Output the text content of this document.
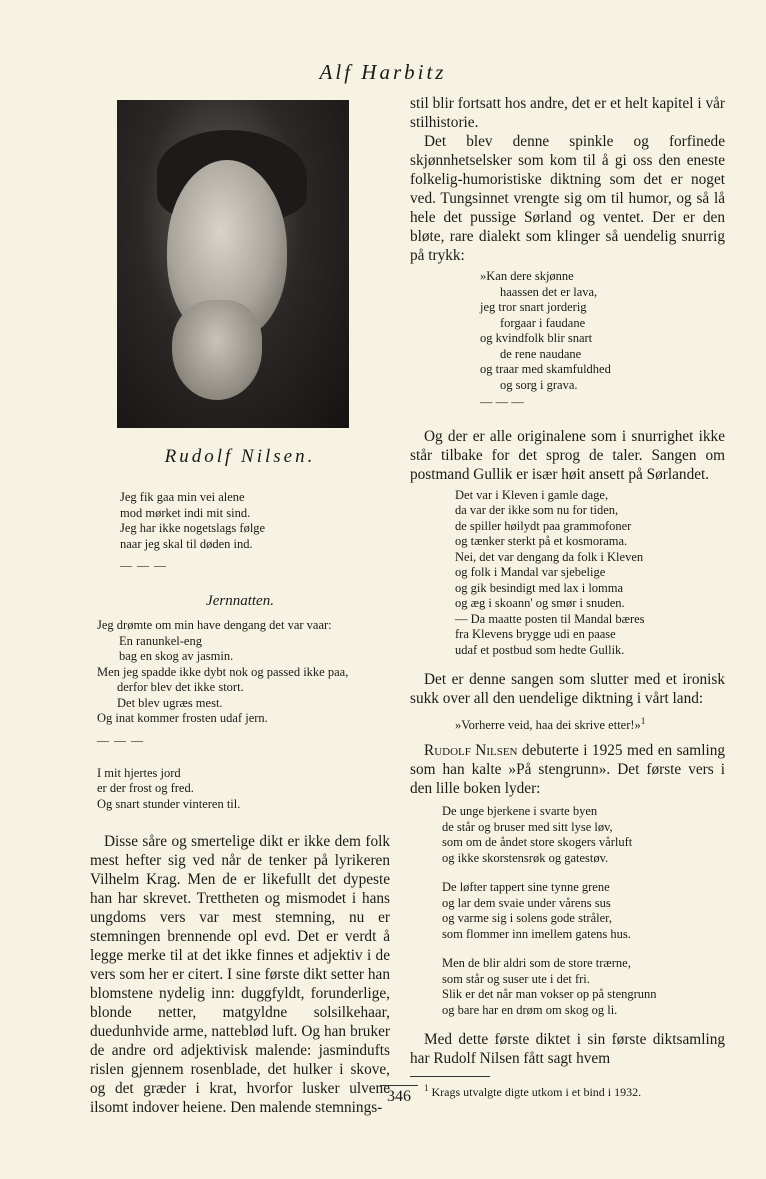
Alf Harbitz
Rudolf Nilsen.
Jeg fik gaa min vei alene
mod mørket indi mit sind.
Jeg har ikke nogetslags følge
naar jeg skal til døden ind.
— — —
Jernnatten.
Jeg drømte om min have dengang det var vaar:
En ranunkel-eng
bag en skog av jasmin.
Men jeg spadde ikke dybt nok og passed ikke paa,
derfor blev det ikke stort.
Det blev ugræs mest.
Og inat kommer frosten udaf jern.
— — —
I mit hjertes jord
er der frost og fred.
Og snart stunder vinteren til.

Disse såre og smertelige dikt er ikke dem folk mest hefter sig ved når de tenker på lyrikeren Vilhelm Krag. Men de er likefullt det dypeste han har skrevet. Trettheten og mismodet i hans ungdoms vers var mest stemning, nu er stemningen brennende opl evd. Det er verdt å legge merke til at det ikke finnes et adjektiv i de vers som her er citert. I sine første dikt setter han blomstene nydelig inn: duggfyldt, forunderlige, blonde netter, matgyldne solsilkehaar, duedunhvide arme, natteblød luft. Og han bruker de andre ord adjektivisk malende: jasmindufts rislen gjennem rosenblade, det hulker i skove, og det græder i krat, hvorfor lusker ulvene ilsomt indover heiene. Den malende stemnings-

stil blir fortsatt hos andre, det er et helt kapitel i vår stilhistorie.

Det blev denne spinkle og forfinede skjønnhetselsker som kom til å gi oss den eneste folkelig-humoristiske diktning som det er noget ved. Tungsinnet vrengte sig om til humor, og så lå hele det pussige Sørland og ventet. Der er den bløte, rare dialekt som klinger så uendelig snurrig på trykk:

»Kan dere skjønne
haassen det er lava,
jeg tror snart jorderig
forgaar i faudane
og kvindfolk blir snart
de rene naudane
og traar med skamfuldhed
og sorg i grava.
— — —

Og der er alle originalene som i snurrighet ikke står tilbake for det sprog de taler. Sangen om postmand Gullik er især høit ansett på Sørlandet.

Det var i Kleven i gamle dage,
da var der ikke som nu for tiden,
de spiller høilydt paa grammofoner
og tænker sterkt på et kosmorama.
Nei, det var dengang da folk i Kleven
og folk i Mandal var sjebelige
og gik besindigt med lax i lomma
og æg i skoann' og smør i snuden.
— Da maatte posten til Mandal bæres
fra Klevens brygge udi en paase
udaf et postbud som hedte Gullik.

Det er denne sangen som slutter med et ironisk sukk over all den uendelige diktning i vårt land:

»Vorherre veid, haa dei skrive etter!»$^1$

Rudolf Nilsen debuterte i 1925 med en samling som han kalte »På stengrunn». Det første vers i den lille boken lyder:

De unge bjerkene i svarte byen
de står og bruser med sitt lyse løv,
som om de åndet store skogers vårluft
og ikke skorstensrøk og gatestøv.
De løfter tappert sine tynne grene
og lar dem svaie under vårens sus
og varme sig i solens gode stråler,
som flommer inn imellem gatens hus.
Men de blir aldri som de store trærne,
som står og suser ute i det fri.
Slik er det når man vokser op på stengrunn
og bare har en drøm om skog og li.

Med dette første diktet i sin første diktsamling har Rudolf Nilsen fått sagt hvem

$^1$ Krags utvalgte digte utkom i et bind i 1932.
346
